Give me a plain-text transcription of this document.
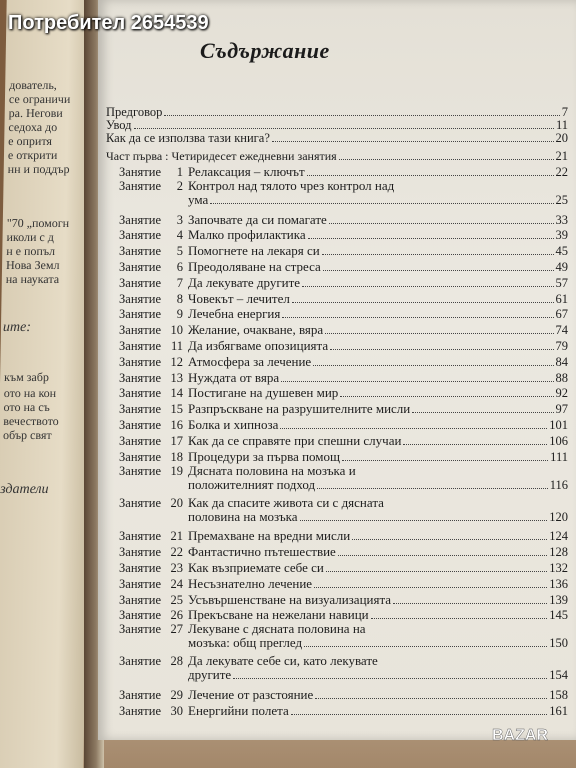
дователь,
се ограничи
ра. Негови
седоха до
е опритя
е открити
нн и поддър
"70 „помогн
иколи с д
н е попъл
Нова Земл
на науката
ите:
към забр
ото на кон
ото на съ
вечеството
обър свят
здатели
Съдържание
Предговор	7
Увод	11
Как да се използва тази книга?	20
Част първа : Четиридесет ежедневни занятия	21
Занятие	1 Релаксация – ключът	22
Занятие	2 Контрол над тялото чрез контрол над
ума	25
Занятие	3 Започвате да си помагате	33
Занятие	4 Малко профилактика	39
Занятие	5 Помогнете на лекаря си	45
Занятие	6 Преодоляване на стреса	49
Занятие	7 Да лекувате другите	57
Занятие	8 Човекът – лечител	61
Занятие	9 Лечебна енергия	67
Занятие 10 Желание, очакване, вяра	74
Занятие 11 Да избягваме опозицията	79
Занятие 12 Атмосфера за лечение	84
Занятие 13 Нуждата от вяра	88
Занятие 14 Постигане на душевен мир	92
Занятие 15 Разпръскване на разрушителните мисли	97
Занятие 16 Болка и хипноза	101
Занятие 17 Как да се справяте при спешни случаи	106
Занятие 18 Процедури за първа помощ	111
Занятие 19 Дясната половина на мозъка и
положителният подход	116
Занятие 20 Как да спасите живота си с дясната
половина на мозъка	120
Занятие 21 Премахване на вредни мисли	124
Занятие 22 Фантастично пътешествие	128
Занятие 23 Как възприемате себе си	132
Занятие 24 Несъзнателно лечение	136
Занятие 25 Усъвършенстване на визуализацията	139
Занятие 26 Прекъсване на нежелани навици	145
Занятие 27 Лекуване с дясната половина на
мозъка: общ преглед	150
Занятие 28 Да лекувате себе си, като лекувате
другите	154
Занятие 29 Лечение от разстояние	158
Занятие 30 Енергийни полета	161
BAZAR
Потребител 2654539
